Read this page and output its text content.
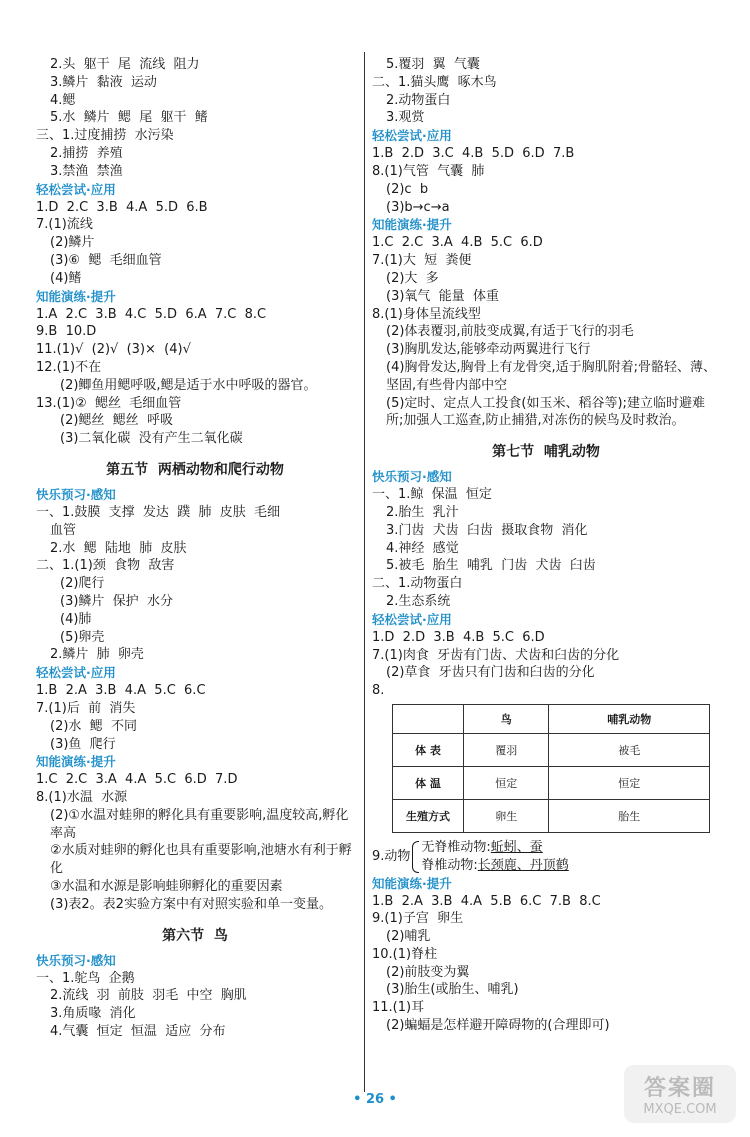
2.头  躯干  尾  流线  阻力
3.鳞片  黏液  运动
4.鳃
5.水  鳞片  鳃  尾  躯干  鳍
三、1.过度捕捞  水污染
2.捕捞  养殖
3.禁渔  禁渔
轻松尝试·应用
1.D  2.C  3.B  4.A  5.D  6.B
7.(1)流线
(2)鳞片
(3)⑥  鳃  毛细血管
(4)鳍
知能演练·提升
1.A  2.C  3.B  4.C  5.D  6.A  7.C  8.C
9.B  10.D
11.(1)√  (2)√  (3)×  (4)√
12.(1)不在
(2)鲫鱼用鳃呼吸,鳃是适于水中呼吸的器官。
13.(1)②  鳃丝  毛细血管
(2)鳃丝  鳃丝  呼吸
(3)二氧化碳  没有产生二氧化碳
第五节  两栖动物和爬行动物
快乐预习·感知
一、1.鼓膜  支撑  发达  蹼  肺  皮肤  毛细
血管
2.水  鳃  陆地  肺  皮肤
二、1.(1)颈  食物  敌害
(2)爬行
(3)鳞片  保护  水分
(4)肺
(5)卵壳
2.鳞片  肺  卵壳
轻松尝试·应用
1.B  2.A  3.B  4.A  5.C  6.C
7.(1)后  前  消失
(2)水  鳃  不同
(3)鱼  爬行
知能演练·提升
1.C  2.C  3.A  4.A  5.C  6.D  7.D
8.(1)水温  水源
(2)①水温对蛙卵的孵化具有重要影响,温度较高,孵化率高
②水质对蛙卵的孵化也具有重要影响,池塘水有利于孵化
③水温和水源是影响蛙卵孵化的重要因素
(3)表2。表2实验方案中有对照实验和单一变量。
第六节  鸟
快乐预习·感知
一、1.鸵鸟  企鹅
2.流线  羽  前肢  羽毛  中空  胸肌
3.角质喙  消化
4.气囊  恒定  恒温  适应  分布
5.覆羽  翼  气囊
二、1.猫头鹰  啄木鸟
2.动物蛋白
3.观赏
轻松尝试·应用
1.B  2.D  3.C  4.B  5.D  6.D  7.B
8.(1)气管  气囊  肺
(2)c  b
(3)b→c→a
知能演练·提升
1.C  2.C  3.A  4.B  5.C  6.D
7.(1)大  短  粪便
(2)大  多
(3)氧气  能量  体重
8.(1)身体呈流线型
(2)体表覆羽,前肢变成翼,有适于飞行的羽毛
(3)胸肌发达,能够牵动两翼进行飞行
(4)胸骨发达,胸骨上有龙骨突,适于胸肌附着;骨骼轻、薄、坚固,有些骨内部中空
(5)定时、定点人工投食(如玉米、稻谷等);建立临时避难所;加强人工巡查,防止捕猎,对冻伤的候鸟及时救治。
第七节  哺乳动物
快乐预习·感知
一、1.鲸  保温  恒定
2.胎生  乳汁
3.门齿  犬齿  臼齿  摄取食物  消化
4.神经  感觉
5.被毛  胎生  哺乳  门齿  犬齿  臼齿
二、1.动物蛋白
2.生态系统
轻松尝试·应用
1.D  2.D  3.B  4.B  5.C  6.D
7.(1)肉食  牙齿有门齿、犬齿和臼齿的分化
(2)草食  牙齿只有门齿和臼齿的分化
8.
	鸟	哺乳动物
体 表	覆羽	被毛
体 温	恒定	恒定
生殖方式	卵生	胎生
9.动物
无脊椎动物:蚯蚓、蚕
脊椎动物:长颈鹿、丹顶鹤
知能演练·提升
1.B  2.A  3.B  4.A  5.B  6.C  7.B  8.C
9.(1)子宫  卵生
(2)哺乳
10.(1)脊柱
(2)前肢变为翼
(3)胎生(或胎生、哺乳)
11.(1)耳
(2)蝙蝠是怎样避开障碍物的(合理即可)
• 26 •	答案圈
MXQE.COM
